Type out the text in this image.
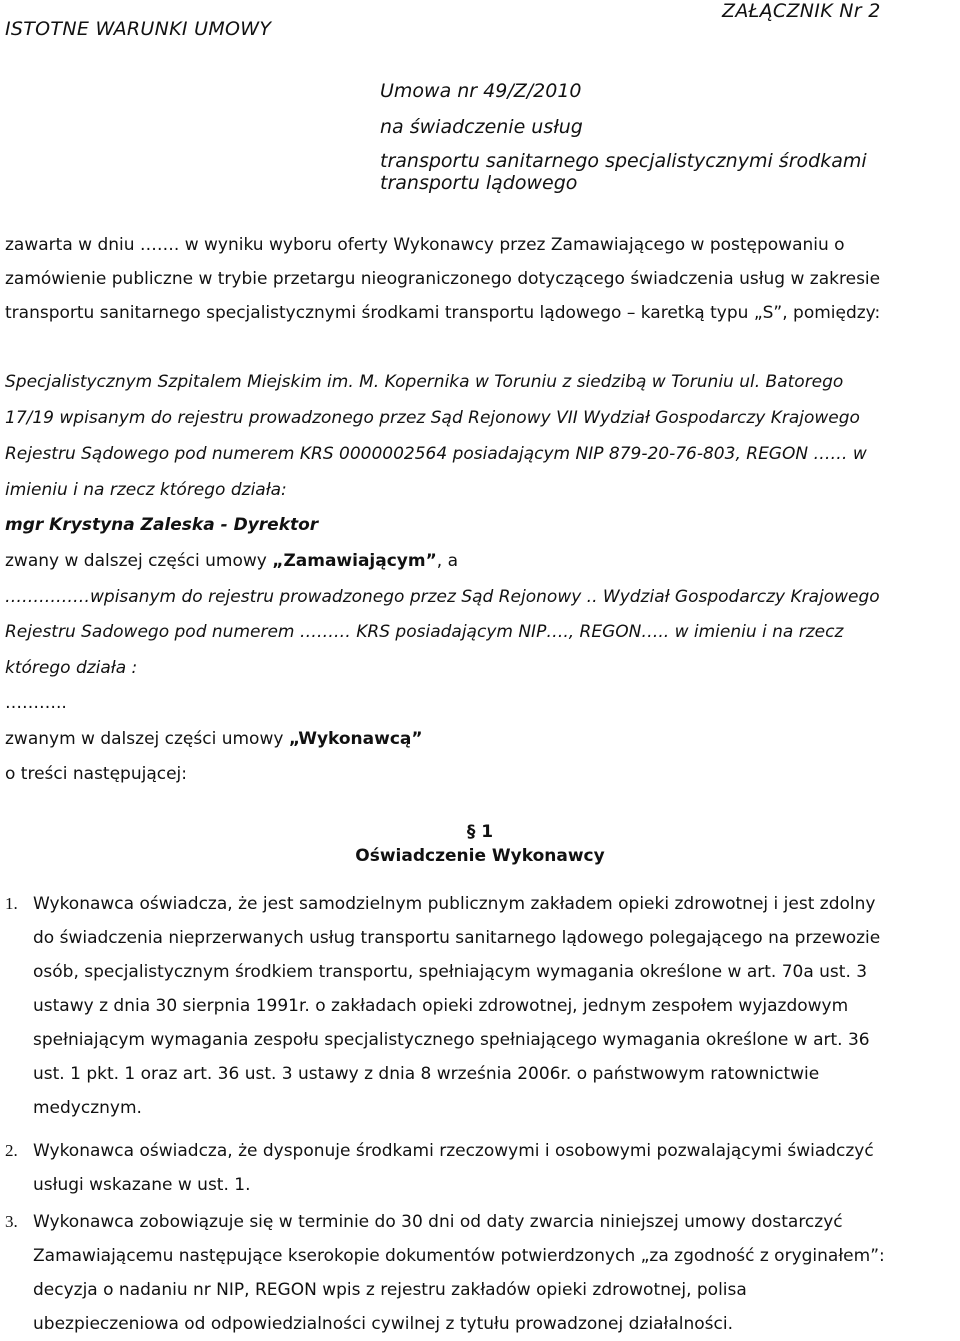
ISTOTNE WARUNKI UMOWY
ZAŁĄCZNIK Nr 2
Umowa nr 49/Z/2010
na świadczenie usług
transportu sanitarnego specjalistycznymi środkami transportu lądowego
zawarta w dniu ……. w wyniku wyboru oferty Wykonawcy przez Zamawiającego w postępowaniu o
zamówienie publiczne w trybie przetargu nieograniczonego dotyczącego świadczenia usług w zakresie
transportu sanitarnego specjalistycznymi środkami transportu lądowego – karetką typu „S”, pomiędzy:
Specjalistycznym Szpitalem Miejskim im. M. Kopernika w Toruniu z siedzibą w Toruniu ul. Batorego
17/19 wpisanym do rejestru prowadzonego przez Sąd Rejonowy VII Wydział Gospodarczy Krajowego
Rejestru Sądowego pod numerem KRS 0000002564 posiadającym NIP 879-20-76-803, REGON …… w
imieniu i na rzecz którego działa:
mgr Krystyna Zaleska - Dyrektor
zwany w dalszej części umowy „Zamawiającym”, a
……………wpisanym do rejestru prowadzonego przez Sąd Rejonowy .. Wydział Gospodarczy Krajowego
Rejestru Sadowego pod numerem ……… KRS posiadającym NIP…., REGON….. w imieniu i na rzecz
którego działa :
………..
zwanym w dalszej części umowy „Wykonawcą”
o treści następującej:
§ 1
Oświadczenie Wykonawcy
1. Wykonawca oświadcza, że jest samodzielnym publicznym zakładem opieki zdrowotnej i jest zdolny
do świadczenia nieprzerwanych usług transportu sanitarnego lądowego polegającego na przewozie
osób, specjalistycznym środkiem transportu, spełniającym wymagania określone w art. 70a ust. 3
ustawy z dnia 30 sierpnia 1991r. o zakładach opieki zdrowotnej, jednym zespołem wyjazdowym
spełniającym wymagania zespołu specjalistycznego spełniającego wymagania określone w art. 36
ust. 1 pkt. 1 oraz art. 36 ust. 3 ustawy z dnia 8 września 2006r. o państwowym ratownictwie
medycznym.
2. Wykonawca oświadcza, że dysponuje środkami rzeczowymi i osobowymi pozwalającymi świadczyć
usługi wskazane w ust. 1.
3. Wykonawca zobowiązuje się w terminie do 30 dni od daty zwarcia niniejszej umowy dostarczyć
Zamawiającemu następujące kserokopie dokumentów potwierdzonych „za zgodność z oryginałem”:
decyzja o nadaniu nr NIP, REGON wpis z rejestru zakładów opieki zdrowotnej, polisa
ubezpieczeniowa od odpowiedzialności cywilnej z tytułu prowadzonej działalności.
